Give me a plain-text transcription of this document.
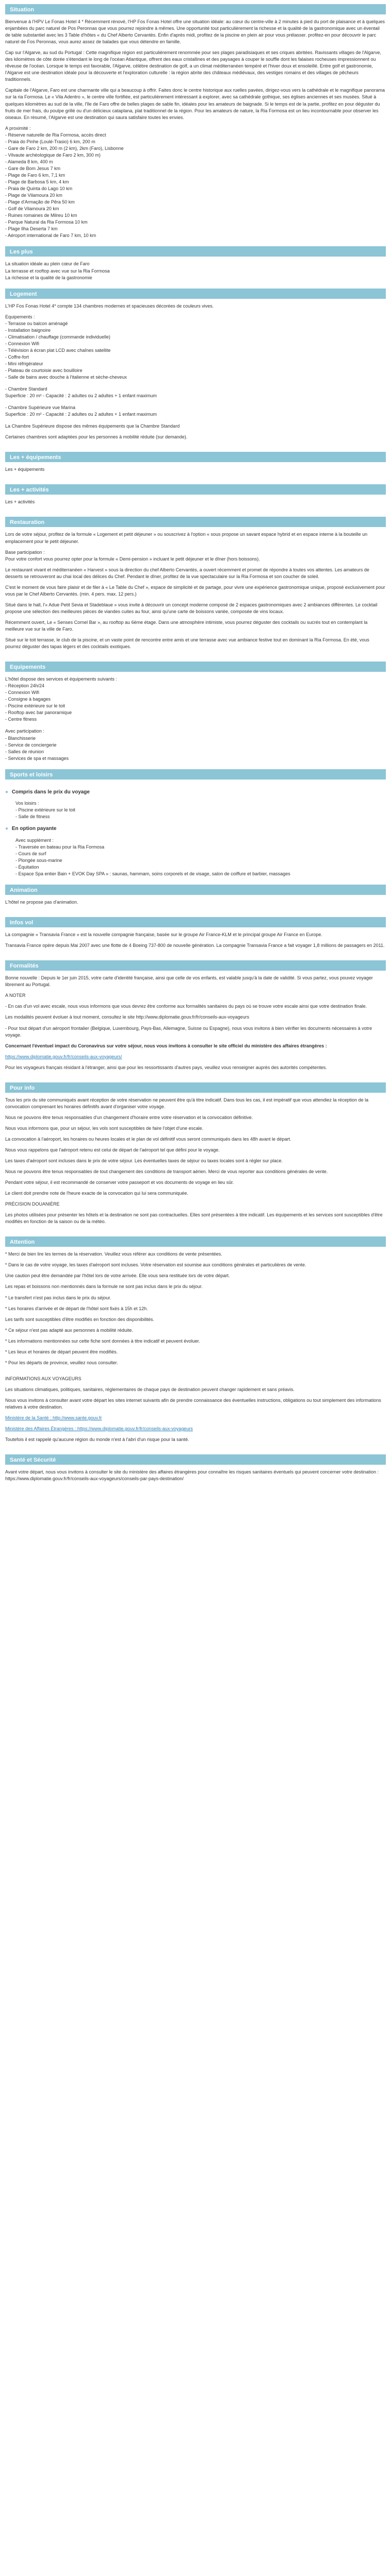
Situation

Bienvenue à l'HPV Le Fonas Hotel 4 * Récemment rénové, l'HP Fos Fonas Hotel offre une situation idéale: au cœur du centre-ville à 2 minutes à pied du port de plaisance et à quelques enjambées du parc naturel de Pos Peronnas que vous pourrez rejoindre à mêmes. Une opportunité tout particulièrement la richesse et la qualité de la gastronomique avec un éventail de table substantiel avec les 3 Table d'hôtes « du Chef Alberto Cervantès. Enfin d'après midi, profitez de la piscine en plein air pour vous prélasser. profitez-en pour découvrir le parc naturel de Fos Peronnas, vous aurez assez de balades que vous détendre en famille.

Cap sur l'Algarve, au sud du Portugal : Cette magnifique région est particulièrement renommée pour ses plages paradisiaques et ses criques abritées. Ravissants villages de l'Algarve, des kilomètres de côte dorée s'étendant le long de l'océan Atlantique, offrent des eaux cristallines et des paysages à couper le souffle dont les falaises rocheuses impressionnent ou rêveuse de l'océan. Lorsque le temps est favorable, l'Algarve, célèbre destination de golf, a un climat méditerranéen tempéré et l'hiver doux et ensoleillé. Entre golf et gastronomie, l'Algarve est une destination idéale pour la découverte et l'exploration culturelle : la région abrite des châteaux médiévaux, des vestiges romains et des villages de pêcheurs traditionnels.

Capitale de l'Algarve, Faro est une charmante ville qui a beaucoup à offrir. Faites donc le centre historique aux ruelles pavées, dirigez-vous vers la cathédrale et le magnifique panorama sur la ria Formosa. Le « Vila Adentro », le centre ville fortifiée, est particulièrement intéressant à explorer, avec sa cathédrale gothique, ses églises anciennes et ses musées. Situé à quelques kilomètres au sud de la ville, l'île de Faro offre de belles plages de sable fin, idéales pour les amateurs de baignade. Si le temps est de la partie, profitez en pour déguster du fruits de mer frais, du poulpe grillé ou d'un délicieux cataplana, plat traditionnel de la région. Pour les amateurs de nature, la Ria Formosa est un lieu incontournable pour observer les oiseaux. En résumé, l'Algarve est une destination qui saura satisfaire toutes les envies.

A proximité :

- Réserve naturelle de Ria Formosa, accès direct

- Praia do Pinhe (Loulé-Trasio) 6 km, 200 m

- Gare de Faro 2 km, 200 m (2 km), 2km (Faro), Lisbonne

- Vilvaute archéologique de Faro 2 km, 300 m)

- Alameda 8 km, 400 m

- Gare de Bom Jesus 7 km

- Plage de Faro 6 km, 7,1 km

- Plage de Barbosa 5 km, 4 km

- Praia de Quinta do Lago 10 km

- Plage de Vilamoura 20 km

- Plage d'Armação de Pêra 50 km

- Golf de Vilamoura 20 km

- Ruines romaines de Milreu 10 km

- Parque Natural da Ria Formosa 10 km

- Plage Ilha Deserta 7 km

- Aéroport international de Faro 7 km, 10 km

Les plus

La situation idéale au plein cœur de Faro

La terrasse et rooftop avec vue sur la Ria Formosa

La richesse et la qualité de la gastronomie

Logement

L'HP Fos Fonas Hotel 4* compte 134 chambres modernes et spacieuses décorées de couleurs vives.

Equipements :

- Terrasse ou balcon aménagé

- Installation baignoire

- Climatisation / chauffage (commande individuelle)

- Connexion Wifi

- Télévision à écran plat LCD avec chaînes satellite

- Coffre-fort

- Mini réfrigérateur

- Plateau de courtoisie avec bouilloire

- Salle de bains avec douche à l'italienne et sèche-cheveux

- Chambre Standard

Superficie : 20 m² - Capacité : 2 adultes ou 2 adultes + 1 enfant maximum

- Chambre Supérieure vue Marina

Superficie : 20 m² - Capacité : 2 adultes ou 2 adultes + 1 enfant maximum

La Chambre Supérieure dispose des mêmes équipements que la Chambre Standard

Certaines chambres sont adaptées pour les personnes à mobilité réduite (sur demande).

Les + équipements

Les + équipements

Les + activités

Les + activités

Restauration

Lors de votre séjour, profitez de la formule « Logement et petit déjeuner » ou souscrivez à l'option « sous propose un savant espace hybrid et en espace interne à la bouteille un emplacement pour le petit déjeuner.

Base participation :
Pour votre confort vous pourrez opter pour la formule « Demi-pension » incluant le petit déjeuner et le dîner (hors boissons).

Le restaurant vivant et méditerranéen « Harvest » sous la direction du chef Alberto Cervantès, a ouvert récemment et promet de répondre à toutes vos attentes. Les amateurs de desserts se retrouveront au chai local des délices du Chef. Pendant le dîner, profitez de la vue spectaculaire sur la Ria Formosa et son coucher de soleil.

C'est le moment de vous faire plaisir et de filer à « Le Table du Chef », espace de simplicité et de partage, pour vivre une expérience gastronomique unique, proposé exclusivement pour vous par le Chef Alberto Cervantès. (min. 4 pers. max. 12 pers.)

Situé dans le hall, l'« Adue Petit Sevia et Stadeblaue » vous invite à découvrir un concept moderne composé de 2 espaces gastronomiques avec 2 ambiances différentes. Le cocktail propose une sélection des meilleures pièces de viandes cuites au four, ainsi qu'une carte de boissons variée, composée de vins locaux.

Récemment ouvert, Le « Senses Cornel Bar », au rooftop au 6ème étage. Dans une atmosphère intimiste, vous pourrez déguster des cocktails ou sucrés tout en contemplant la meilleure vue sur la ville de Faro.

Situé sur le toit terrasse, le club de la piscine, et un vaste point de rencontre entre amis et une terrasse avec vue ambiance festive tout en dominant la Ria Formosa. En été, vous pourrez déguster des tapas légers et des cocktails exotiques.

Equipements

L'hôtel dispose des services et équipements suivants :

- Réception 24h/24

- Connexion Wifi

- Consigne à bagages

- Piscine extérieure sur le toit

- Rooftop avec bar panoramique

- Centre fitness

Avec participation :

- Blanchisserie

- Service de conciergerie

- Salles de réunion

- Services de spa et massages

Sports et loisirs
● Compris dans le prix du voyage

Vos loisirs :

- Piscine extérieure sur le toit

- Salle de fitness

● En option payante

Avec supplément :

- Traversée en bateau pour la Ria Formosa

- Cours de surf

- Plongée sous-marine

- Équitation

- Espace Spa entier Bain + EVOK Day SPA » : saunas, hammam, soins corporels et de visage, salon de coiffure et barbier, massages

Animation

L'hôtel ne propose pas d'animation.

Infos vol

La compagnie « Transavia France » est la nouvelle compagnie française, basée sur le groupe Air France-KLM et le principal groupe Air France en Europe.

Transavia France opère depuis Mai 2007 avec une flotte de 4 Boeing 737-800 de nouvelle génération. La compagnie Transavia France a fait voyager 1,8 millions de passagers en 2011.

Formalités

Bonne nouvelle : Depuis le 1er juin 2015, votre carte d'identité française, ainsi que celle de vos enfants, est valable jusqu'à la date de validité. Si vous partez, vous pouvez voyager librement au Portugal.

A NOTER

- En cas d'un vol avec escale, nous vous informons que vous devrez être conforme aux formalités sanitaires du pays où se trouve votre escale ainsi que votre destination finale.

Les modalités peuvent évoluer à tout moment, consultez le site http://www.diplomatie.gouv.fr/fr/conseils-aux-voyageurs

- Pour tout départ d'un aéroport frontalier (Belgique, Luxembourg, Pays-Bas, Allemagne, Suisse ou Espagne), nous vous invitons à bien vérifier les documents nécessaires à votre voyage.

Concernant l'éventuel impact du Coronavirus sur votre séjour, nous vous invitons à consulter le site officiel du ministère des affaires étrangères :

https://www.diplomatie.gouv.fr/fr/conseils-aux-voyageurs/

Pour les voyageurs français résidant à l'étranger, ainsi que pour les ressortissants d'autres pays, veuillez vous renseigner auprès des autorités compétentes.

Pour info

Tous les prix du site communiqués avant réception de votre réservation ne peuvent être qu'à titre indicatif. Dans tous les cas, il est impératif que vous attendiez la réception de la convocation comprenant les horaires définitifs avant d'organiser votre voyage.

Nous ne pouvons être tenus responsables d'un changement d'horaire entre votre réservation et la convocation définitive.

Nous vous informons que, pour un séjour, les vols sont susceptibles de faire l'objet d'une escale.

La convocation à l'aéroport, les horaires ou heures locales et le plan de vol définitif vous seront communiqués dans les 48h avant le départ.

Nous vous rappelons que l'aéroport retenu est celui de départ de l'aéroport tel que défini pour le voyage.

Les taxes d'aéroport sont incluses dans le prix de votre séjour. Les éventuelles taxes de séjour ou taxes locales sont à régler sur place.

Nous ne pouvons être tenus responsables de tout changement des conditions de transport aérien. Merci de vous reporter aux conditions générales de vente.

Pendant votre séjour, il est recommandé de conserver votre passeport et vos documents de voyage en lieu sûr.

Le client doit prendre note de l'heure exacte de la convocation qui lui sera communiquée.

PRÉCISION DOUANIÈRE

Les photos utilisées pour présenter les hôtels et la destination ne sont pas contractuelles. Elles sont présentées à titre indicatif. Les équipements et les services sont susceptibles d'être modifiés en fonction de la saison ou de la météo.

Attention

* Merci de bien lire les termes de la réservation. Veuillez vous référer aux conditions de vente présentées.

* Dans le cas de votre voyage, les taxes d'aéroport sont incluses. Votre réservation est soumise aux conditions générales et particulières de vente.

Une caution peut être demandée par l'hôtel lors de votre arrivée. Elle vous sera restituée lors de votre départ.

Les repas et boissons non mentionnés dans la formule ne sont pas inclus dans le prix du séjour.

* Le transfert n'est pas inclus dans le prix du séjour.

* Les horaires d'arrivée et de départ de l'hôtel sont fixés à 15h et 12h.

Les tarifs sont susceptibles d'être modifiés en fonction des disponibilités.

* Ce séjour n'est pas adapté aux personnes à mobilité réduite.

* Les informations mentionnées sur cette fiche sont données à titre indicatif et peuvent évoluer.

* Les lieux et horaires de départ peuvent être modifiés.

* Pour les départs de province, veuillez nous consulter.

INFORMATIONS AUX VOYAGEURS

Les situations climatiques, politiques, sanitaires, réglementaires de chaque pays de destination peuvent changer rapidement et sans préavis.

Nous vous invitons à consulter avant votre départ les sites internet suivants afin de prendre connaissance des éventuelles instructions, obligations ou tout simplement des informations relatives à votre destination.

Ministère de la Santé : http://www.sante.gouv.fr

Ministère des Affaires Étrangères : https://www.diplomatie.gouv.fr/fr/conseils-aux-voyageurs

Toutefois il est rappelé qu'aucune région du monde n'est à l'abri d'un risque pour la santé.

Santé et Sécurité

Avant votre départ, nous vous invitons à consulter le site du ministère des affaires étrangères pour connaître les risques sanitaires éventuels qui peuvent concerner votre destination : https://www.diplomatie.gouv.fr/fr/conseils-aux-voyageurs/conseils-par-pays-destination/
